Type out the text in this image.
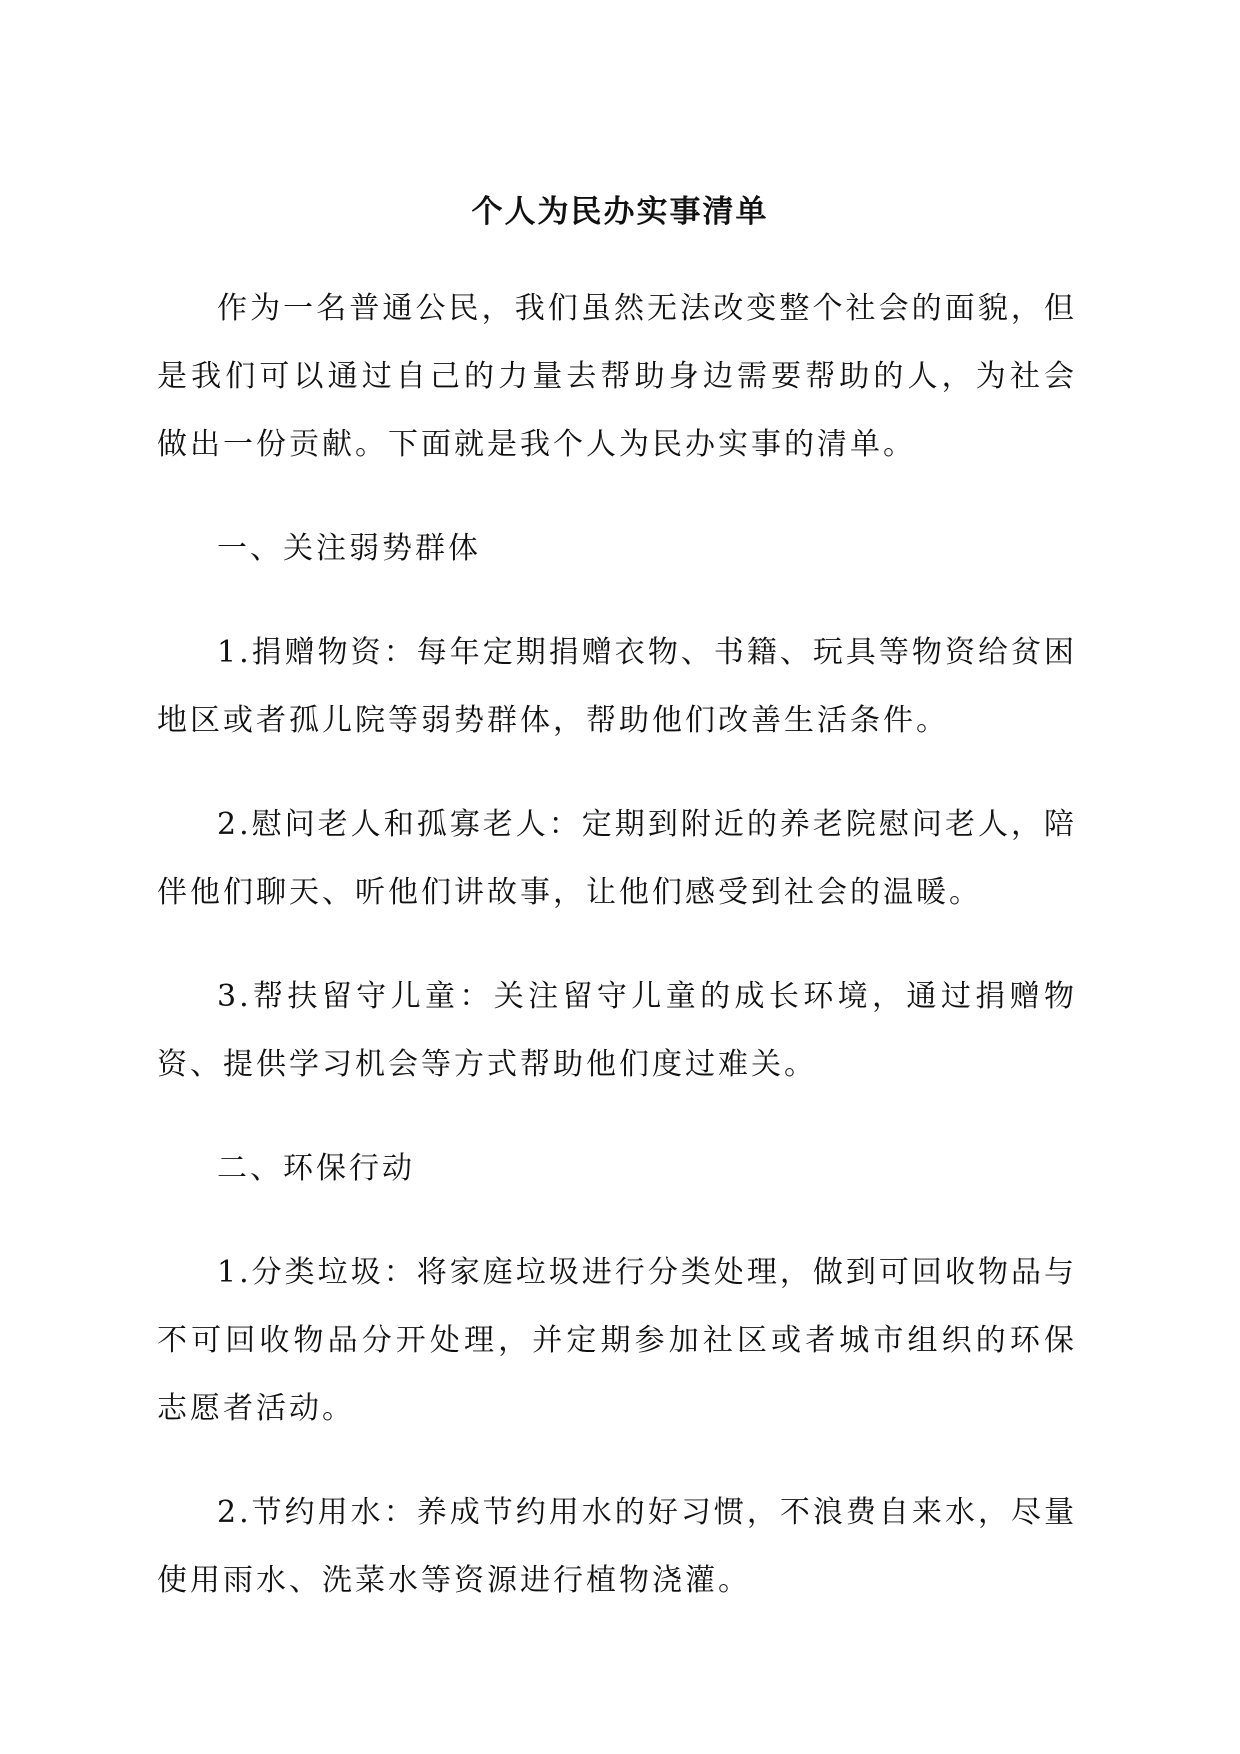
个人为民办实事清单

作为一名普通公民，我们虽然无法改变整个社会的面貌，但是我们可以通过自己的力量去帮助身边需要帮助的人，为社会做出一份贡献。下面就是我个人为民办实事的清单。

一、关注弱势群体

1.捐赠物资：每年定期捐赠衣物、书籍、玩具等物资给贫困地区或者孤儿院等弱势群体，帮助他们改善生活条件。

2.慰问老人和孤寡老人：定期到附近的养老院慰问老人，陪伴他们聊天、听他们讲故事，让他们感受到社会的温暖。

3.帮扶留守儿童：关注留守儿童的成长环境，通过捐赠物资、提供学习机会等方式帮助他们度过难关。

二、环保行动

1.分类垃圾：将家庭垃圾进行分类处理，做到可回收物品与不可回收物品分开处理，并定期参加社区或者城市组织的环保志愿者活动。

2.节约用水：养成节约用水的好习惯，不浪费自来水，尽量使用雨水、洗菜水等资源进行植物浇灌。
